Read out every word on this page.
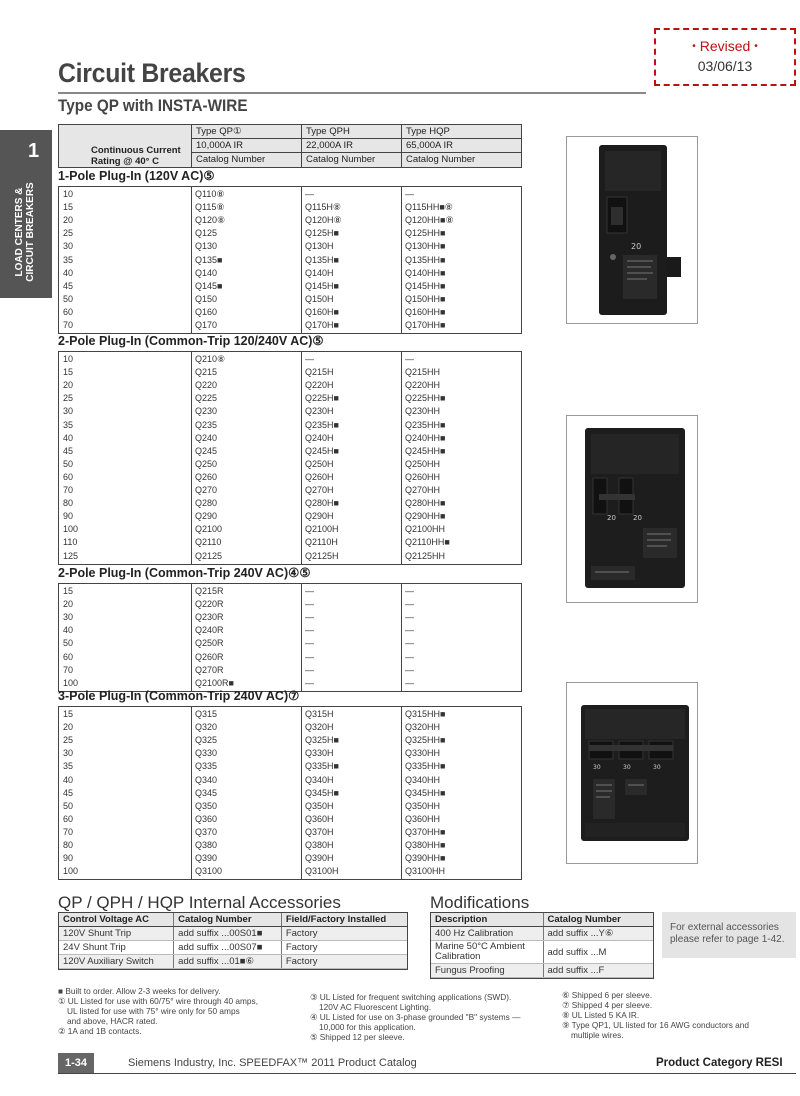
• Revised •
03/06/13
Circuit Breakers
Type QP with INSTA-WIRE
1
LOAD CENTERS & CIRCUIT BREAKERS
Continuous Current
Rating @ 40° C
Type QP①	Type QPH	Type HQP
10,000A IR	22,000A IR	65,000A IR
Catalog Number	Catalog Number	Catalog Number
1-Pole Plug-In (120V AC)⑤
10	Q110⑧	—	—
15	Q115⑧	Q115H⑧	Q115HH■⑧
20	Q120⑧	Q120H⑧	Q120HH■⑧
25	Q125	Q125H■	Q125HH■
30	Q130	Q130H	Q130HH■
35	Q135■	Q135H■	Q135HH■
40	Q140	Q140H	Q140HH■
45	Q145■	Q145H■	Q145HH■
50	Q150	Q150H	Q150HH■
60	Q160	Q160H■	Q160HH■
70	Q170	Q170H■	Q170HH■
2-Pole Plug-In (Common-Trip 120/240V AC)⑤
10	Q210⑧	—	—
15	Q215	Q215H	Q215HH
20	Q220	Q220H	Q220HH
25	Q225	Q225H■	Q225HH■
30	Q230	Q230H	Q230HH
35	Q235	Q235H■	Q235HH■
40	Q240	Q240H	Q240HH■
45	Q245	Q245H■	Q245HH■
50	Q250	Q250H	Q250HH
60	Q260	Q260H	Q260HH
70	Q270	Q270H	Q270HH
80	Q280	Q280H■	Q280HH■
90	Q290	Q290H	Q290HH■
100	Q2100	Q2100H	Q2100HH
110	Q2110	Q2110H	Q2110HH■
125	Q2125	Q2125H	Q2125HH
2-Pole Plug-In (Common-Trip 240V AC)④⑤
15	Q215R	—	—
20	Q220R	—	—
30	Q230R	—	—
40	Q240R	—	—
50	Q250R	—	—
60	Q260R	—	—
70	Q270R	—	—
100	Q2100R■	—	—
3-Pole Plug-In (Common-Trip 240V AC)⑦
15	Q315	Q315H	Q315HH■
20	Q320	Q320H	Q320HH
25	Q325	Q325H■	Q325HH■
30	Q330	Q330H	Q330HH
35	Q335	Q335H■	Q335HH■
40	Q340	Q340H	Q340HH
45	Q345	Q345H■	Q345HH■
50	Q350	Q350H	Q350HH
60	Q360	Q360H	Q360HH
70	Q370	Q370H	Q370HH■
80	Q380	Q380H	Q380HH■
90	Q390	Q390H	Q390HH■
100	Q3100	Q3100H	Q3100HH
20
20 20
30	30	30
QP / QPH / HQP Internal Accessories
Control Voltage AC	Catalog Number	Field/Factory Installed
120V Shunt Trip	add suffix ...00S01■	Factory
24V Shunt Trip	add suffix ...00S07■	Factory
120V Auxiliary Switch	add suffix ...01■⑥	Factory
Modifications
Description	Catalog Number
400 Hz Calibration	add suffix ...Y⑥
Marine 50°C Ambient Calibration	add suffix ...M
Fungus Proofing	add suffix ...F
For external accessories please refer to page 1-42.
■ Built to order. Allow 2-3 weeks for delivery.
① UL Listed for use with 60/75° wire through 40 amps,
UL listed for use with 75° wire only for 50 amps
and above, HACR rated.
② 1A and 1B contacts.
③ UL Listed for frequent switching applications (SWD).
120V AC Fluorescent Lighting.
④ UL Listed for use on 3-phase grounded "B" systems —
10,000 for this application.
⑤ Shipped 12 per sleeve.
⑥ Shipped 6 per sleeve.
⑦ Shipped 4 per sleeve.
⑧ UL Listed 5 KA IR.
⑨ Type QP1, UL listed for 16 AWG conductors and
multiple wires.
1-34	Siemens Industry, Inc. SPEEDFAX™ 2011 Product Catalog	Product Category RESI
